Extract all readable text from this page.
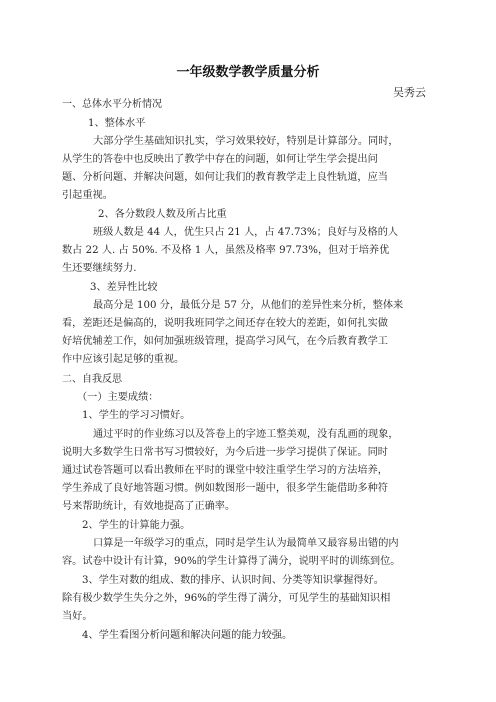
一年级数学教学质量分析
吴秀云
一、总体水平分析情况
1、整体水平
大部分学生基础知识扎实，学习效果较好，特别是计算部分。同时，
从学生的答卷中也反映出了教学中存在的问题，如何让学生学会提出问
题、分析问题、并解决问题，如何让我们的教育教学走上良性轨道，应当
引起重视。
2、各分数段人数及所占比重
班级人数是 44 人，优生只占 21 人，占 47.73%；良好与及格的人
数占 22 人. 占 50%. 不及格 1 人，虽然及格率 97.73%，但对于培养优
生还要继续努力.
3、差异性比较
最高分是 100 分，最低分是 57 分，从他们的差异性来分析，整体来
看，差距还是偏高的，说明我班同学之间还存在较大的差距，如何扎实做
好培优辅差工作，如何加强班级管理，提高学习风气，在今后教育教学工
作中应该引起足够的重视。
二、自我反思
（一）主要成绩：
1、学生的学习习惯好。
通过平时的作业练习以及答卷上的字迹工整美观，没有乱画的现象，
说明大多数学生日常书写习惯较好，为今后进一步学习提供了保证。同时
通过试卷答题可以看出教师在平时的课堂中较注重学生学习的方法培养，
学生养成了良好地答题习惯。例如数图形一题中，很多学生能借助多种符
号来帮助统计，有效地提高了正确率。
2、学生的计算能力强。
口算是一年级学习的重点，同时是学生认为最简单又最容易出错的内
容。试卷中设计有计算，90%的学生计算得了满分，说明平时的训练到位。
3、学生对数的组成、数的排序、认识时间、分类等知识掌握得好。
除有极少数学生失分之外，96%的学生得了满分，可见学生的基础知识相
当好。
4、学生看图分析问题和解决问题的能力较强。
